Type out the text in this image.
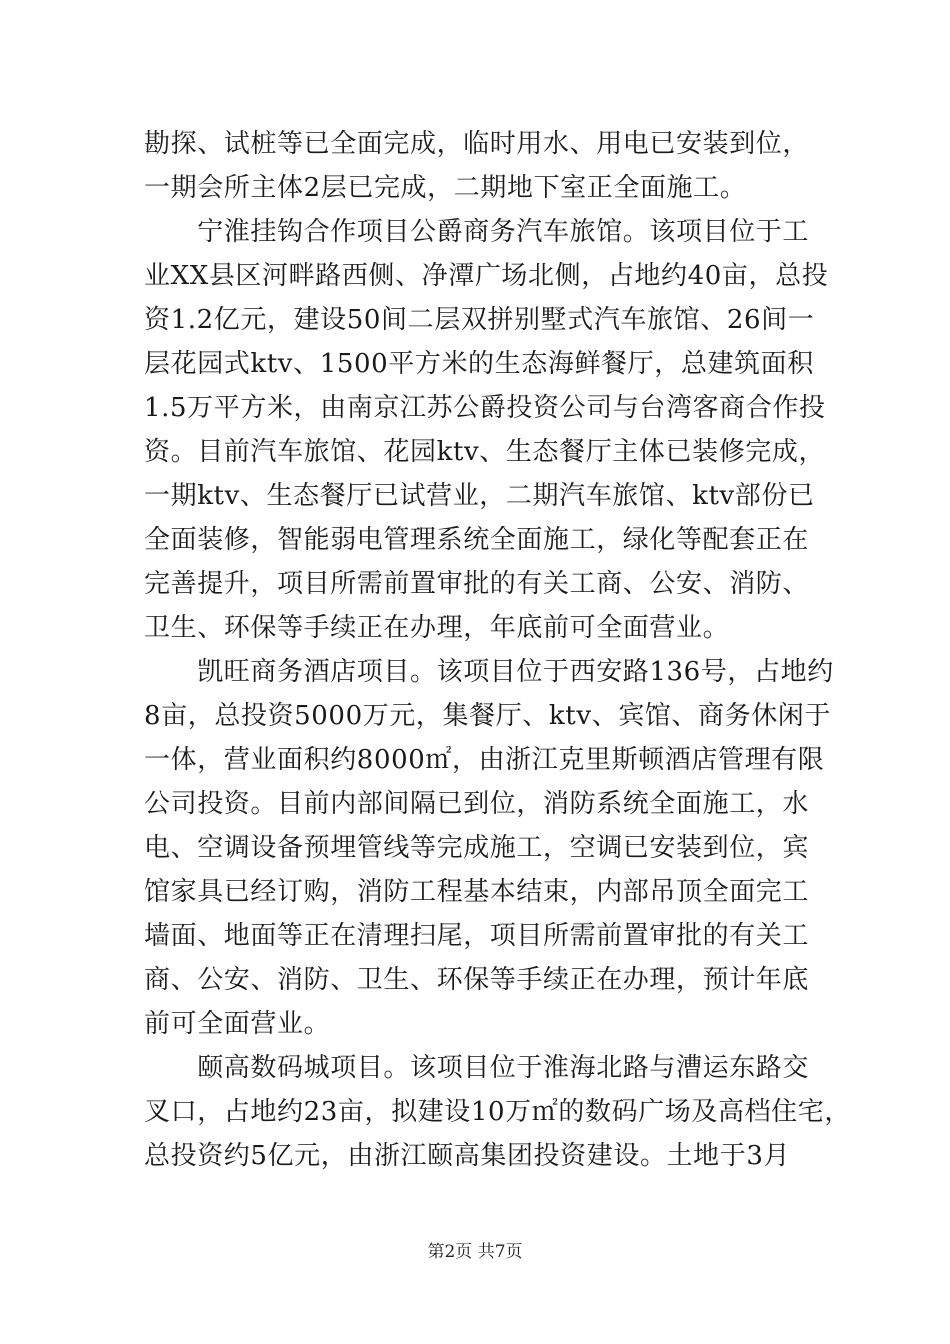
勘探、试桩等已全面完成，临时用水、用电已安装到位，
一期会所主体2层已完成，二期地下室正全面施工。
　　宁淮挂钩合作项目公爵商务汽车旅馆。该项目位于工
业XX县区河畔路西侧、净潭广场北侧，占地约40亩，总投
资1.2亿元，建设50间二层双拼别墅式汽车旅馆、26间一
层花园式ktv、1500平方米的生态海鲜餐厅，总建筑面积
1.5万平方米，由南京江苏公爵投资公司与台湾客商合作投
资。目前汽车旅馆、花园ktv、生态餐厅主体已装修完成，
一期ktv、生态餐厅已试营业，二期汽车旅馆、ktv部份已
全面装修，智能弱电管理系统全面施工，绿化等配套正在
完善提升，项目所需前置审批的有关工商、公安、消防、
卫生、环保等手续正在办理，年底前可全面营业。
　　凯旺商务酒店项目。该项目位于西安路136号，占地约
8亩，总投资5000万元，集餐厅、ktv、宾馆、商务休闲于
一体，营业面积约8000㎡，由浙江克里斯顿酒店管理有限
公司投资。目前内部间隔已到位，消防系统全面施工，水
电、空调设备预埋管线等完成施工，空调已安装到位，宾
馆家具已经订购，消防工程基本结束，内部吊顶全面完工
墙面、地面等正在清理扫尾，项目所需前置审批的有关工
商、公安、消防、卫生、环保等手续正在办理，预计年底
前可全面营业。
　　颐高数码城项目。该项目位于淮海北路与漕运东路交
叉口，占地约23亩，拟建设10万㎡的数码广场及高档住宅，
总投资约5亿元，由浙江颐高集团投资建设。土地于3月
第2页 共7页
